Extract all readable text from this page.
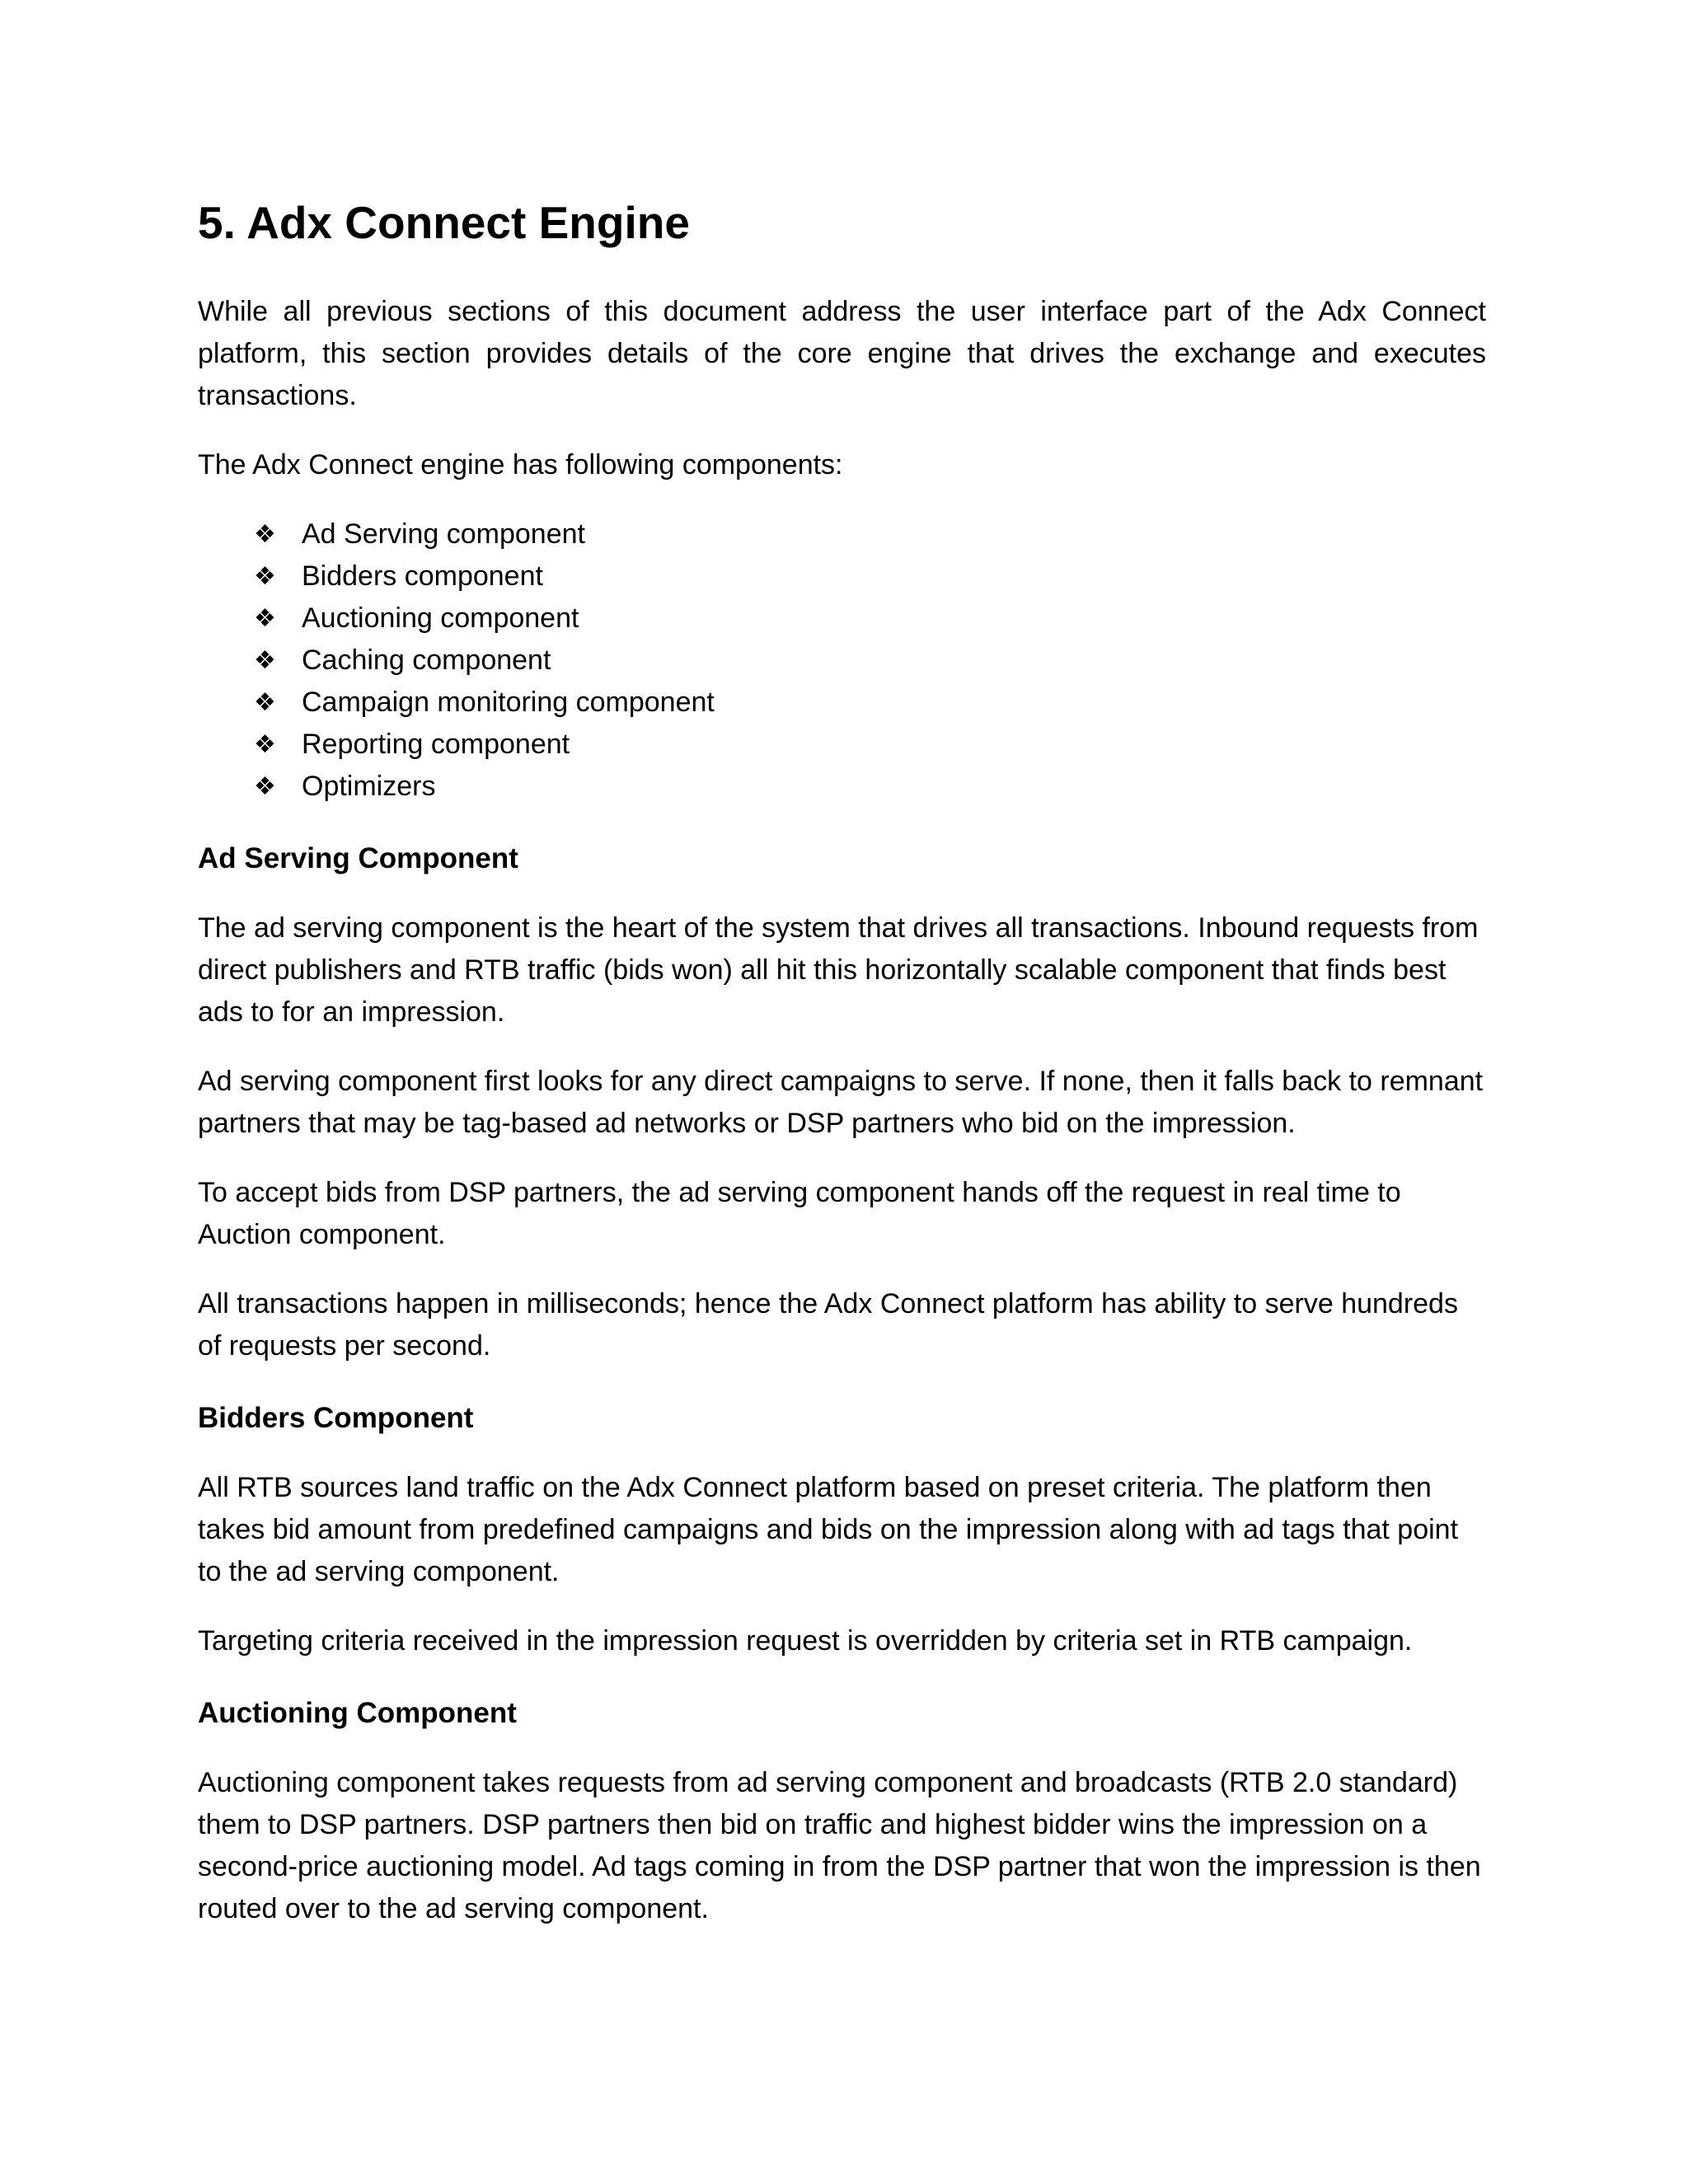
5. Adx Connect Engine

While all previous sections of this document address the user interface part of the Adx Connect platform, this section provides details of the core engine that drives the exchange and executes transactions.

The Adx Connect engine has following components:

❖ Ad Serving component
❖ Bidders component
❖ Auctioning component
❖ Caching component
❖ Campaign monitoring component
❖ Reporting component
❖ Optimizers
Ad Serving Component

The ad serving component is the heart of the system that drives all transactions. Inbound requests from direct publishers and RTB traffic (bids won) all hit this horizontally scalable component that finds best ads to for an impression.

Ad serving component first looks for any direct campaigns to serve. If none, then it falls back to remnant partners that may be tag-based ad networks or DSP partners who bid on the impression.

To accept bids from DSP partners, the ad serving component hands off the request in real time to Auction component.

All transactions happen in milliseconds; hence the Adx Connect platform has ability to serve hundreds of requests per second.

Bidders Component

All RTB sources land traffic on the Adx Connect platform based on preset criteria. The platform then takes bid amount from predefined campaigns and bids on the impression along with ad tags that point to the ad serving component.

Targeting criteria received in the impression request is overridden by criteria set in RTB campaign.

Auctioning Component

Auctioning component takes requests from ad serving component and broadcasts (RTB 2.0 standard) them to DSP partners. DSP partners then bid on traffic and highest bidder wins the impression on a second-price auctioning model. Ad tags coming in from the DSP partner that won the impression is then routed over to the ad serving component.
